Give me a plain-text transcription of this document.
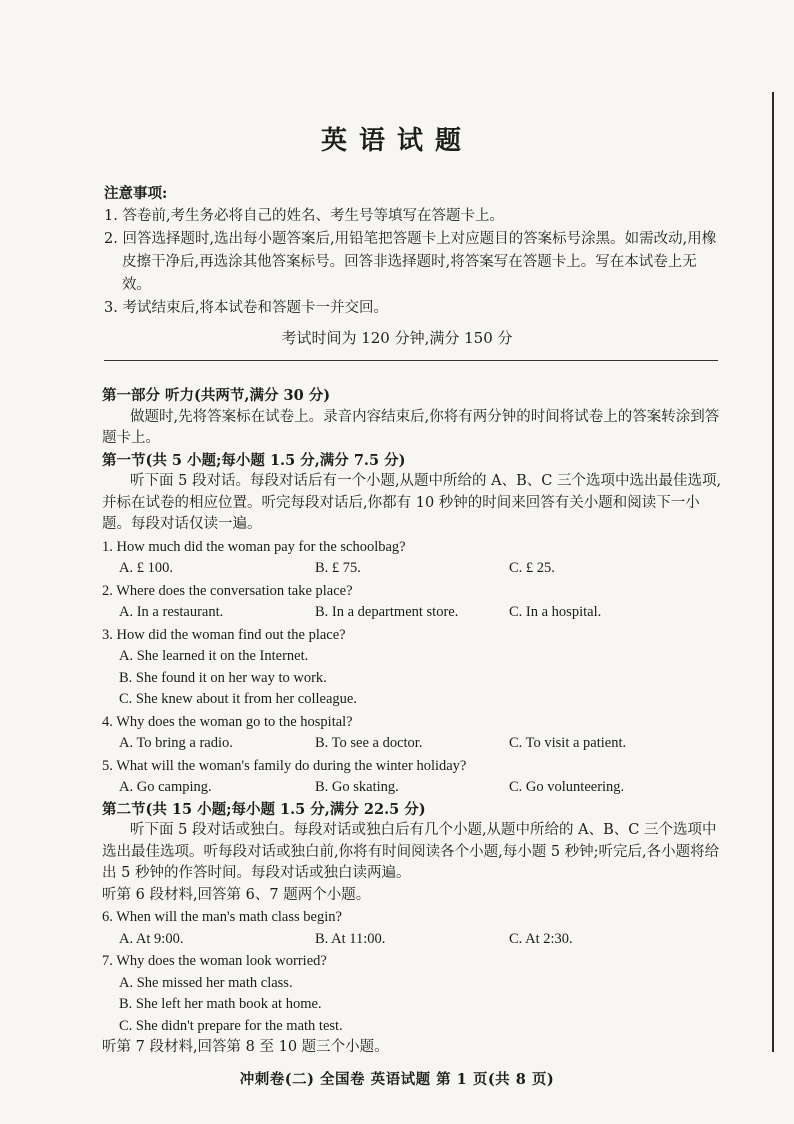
英语试题
注意事项:
1. 答卷前,考生务必将自己的姓名、考生号等填写在答题卡上。
2. 回答选择题时,选出每小题答案后,用铅笔把答题卡上对应题目的答案标号涂黑。如需改动,用橡皮擦干净后,再选涂其他答案标号。回答非选择题时,将答案写在答题卡上。写在本试卷上无效。
3. 考试结束后,将本试卷和答题卡一并交回。
考试时间为 120 分钟,满分 150 分
第一部分 听力(共两节,满分 30 分)
做题时,先将答案标在试卷上。录音内容结束后,你将有两分钟的时间将试卷上的答案转涂到答题卡上。
第一节(共 5 小题;每小题 1.5 分,满分 7.5 分)
听下面 5 段对话。每段对话后有一个小题,从题中所给的 A、B、C 三个选项中选出最佳选项,并标在试卷的相应位置。听完每段对话后,你都有 10 秒钟的时间来回答有关小题和阅读下一小题。每段对话仅读一遍。
1. How much did the woman pay for the schoolbag?
A. £ 100.	B. £ 75.	C. £ 25.
2. Where does the conversation take place?
A. In a restaurant.	B. In a department store.	C. In a hospital.
3. How did the woman find out the place?
A. She learned it on the Internet.
B. She found it on her way to work.
C. She knew about it from her colleague.
4. Why does the woman go to the hospital?
A. To bring a radio.	B. To see a doctor.	C. To visit a patient.
5. What will the woman's family do during the winter holiday?
A. Go camping.	B. Go skating.	C. Go volunteering.
第二节(共 15 小题;每小题 1.5 分,满分 22.5 分)
听下面 5 段对话或独白。每段对话或独白后有几个小题,从题中所给的 A、B、C 三个选项中选出最佳选项。听每段对话或独白前,你将有时间阅读各个小题,每小题 5 秒钟;听完后,各小题将给出 5 秒钟的作答时间。每段对话或独白读两遍。
听第 6 段材料,回答第 6、7 题两个小题。
6. When will the man's math class begin?
A. At 9:00.	B. At 11:00.	C. At 2:30.
7. Why does the woman look worried?
A. She missed her math class.
B. She left her math book at home.
C. She didn't prepare for the math test.
听第 7 段材料,回答第 8 至 10 题三个小题。
冲刺卷(二) 全国卷 英语试题 第 1 页(共 8 页)
